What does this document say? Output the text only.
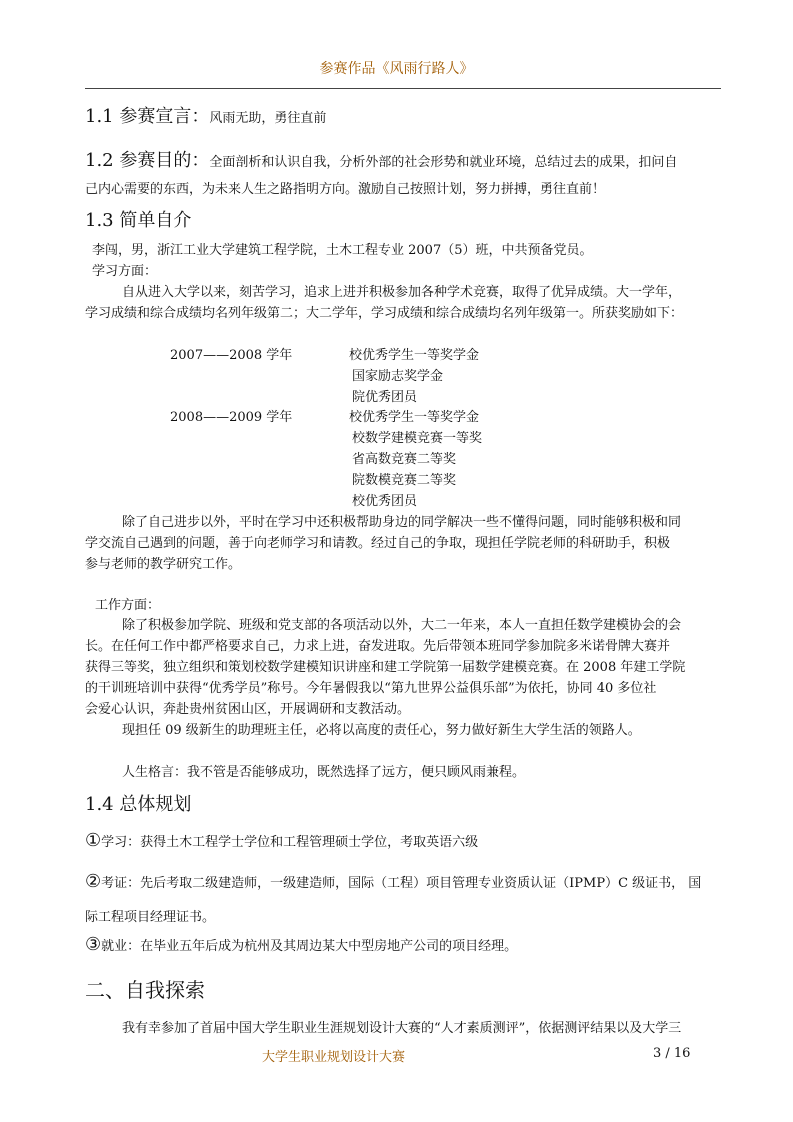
参赛作品《风雨行路人》
1.1 参赛宣言：风雨无助，勇往直前
1.2 参赛目的：全面剖析和认识自我，分析外部的社会形势和就业环境，总结过去的成果，扣问自
己内心需要的东西，为未来人生之路指明方向。激励自己按照计划，努力拼搏，勇往直前！
1.3 简单自介
李闯，男，浙江工业大学建筑工程学院，土木工程专业 2007（5）班，中共预备党员。
学习方面：
自从进入大学以来，刻苦学习，追求上进并积极参加各种学术竞赛，取得了优异成绩。大一学年，
学习成绩和综合成绩均名列年级第二；大二学年，学习成绩和综合成绩均名列年级第一。所获奖励如下：
2007——2008 学年	校优秀学生一等奖学金
国家励志奖学金
院优秀团员
2008——2009 学年	校优秀学生一等奖学金
校数学建模竞赛一等奖
省高数竞赛二等奖
院数模竞赛二等奖
校优秀团员
除了自己进步以外，平时在学习中还积极帮助身边的同学解决一些不懂得问题，同时能够积极和同
学交流自己遇到的问题，善于向老师学习和请教。经过自己的争取，现担任学院老师的科研助手，积极
参与老师的教学研究工作。
工作方面：
除了积极参加学院、班级和党支部的各项活动以外，大二一年来，本人一直担任数学建模协会的会
长。在任何工作中都严格要求自己，力求上进，奋发进取。先后带领本班同学参加院多米诺骨牌大赛并
获得三等奖，独立组织和策划校数学建模知识讲座和建工学院第一届数学建模竞赛。在 2008 年建工学院
的干训班培训中获得“优秀学员”称号。今年暑假我以“第九世界公益俱乐部”为依托，协同 40 多位社
会爱心认识，奔赴贵州贫困山区，开展调研和支教活动。
现担任 09 级新生的助理班主任，必将以高度的责任心，努力做好新生大学生活的领路人。
人生格言：我不管是否能够成功，既然选择了远方，便只顾风雨兼程。
1.4 总体规划
①学习：获得土木工程学士学位和工程管理硕士学位，考取英语六级
②考证：先后考取二级建造师，一级建造师，国际（工程）项目管理专业资质认证（IPMP）C 级证书， 国
际工程项目经理证书。
③就业：在毕业五年后成为杭州及其周边某大中型房地产公司的项目经理。
二、自我探索
我有幸参加了首届中国大学生职业生涯规划设计大赛的“人才素质测评”，依据测评结果以及大学三
大学生职业规划设计大赛	3 / 16
